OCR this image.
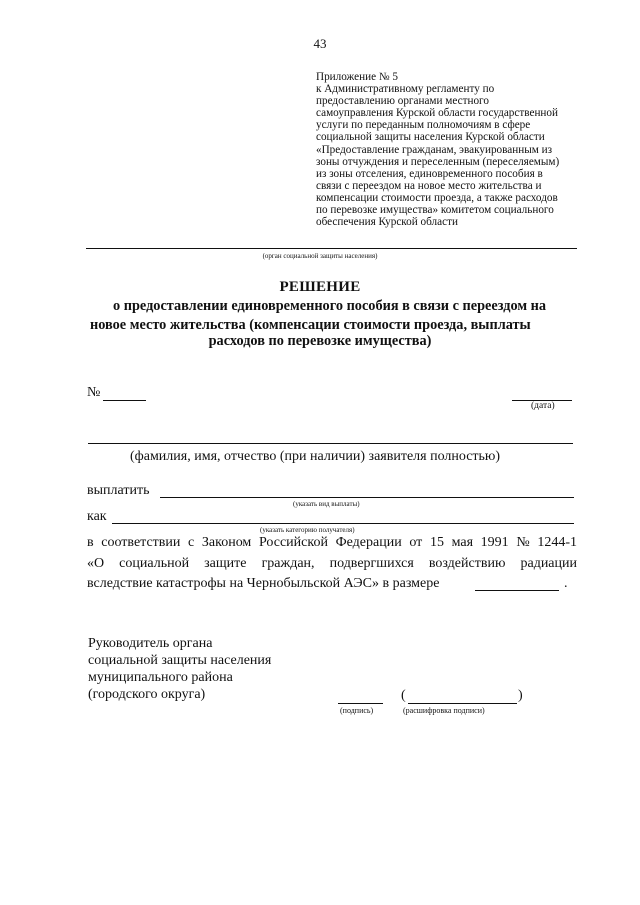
43
Приложение № 5
к Административному регламенту по
предоставлению органами местного
самоуправления Курской области государственной
услуги по переданным полномочиям в сфере
социальной защиты населения Курской области
«Предоставление гражданам, эвакуированным из
зоны отчуждения и переселенным (переселяемым)
из зоны отселения, единовременного пособия в
связи с переездом на новое место жительства и
компенсации стоимости проезда, а также расходов
по перевозке имущества» комитетом социального
обеспечения Курской области
(орган социальной защиты населения)
РЕШЕНИЕ
о предоставлении единовременного пособия в связи с переездом на
новое место жительства (компенсации стоимости проезда, выплаты
расходов по перевозке имущества)
№
(дата)
(фамилия, имя, отчество (при наличии) заявителя полностью)
выплатить
(указать вид выплаты)
как
(указать категорию получателя)
в соответствии с Законом Российской Федерации от 15 мая 1991 № 1244-1
«О социальной защите граждан, подвергшихся воздействию радиации
вследствие катастрофы на Чернобыльской АЭС» в размере	.
Руководитель органа
социальной защиты населения
муниципального района
(городского округа)
(подпись)
(	)
(расшифровка подписи)
